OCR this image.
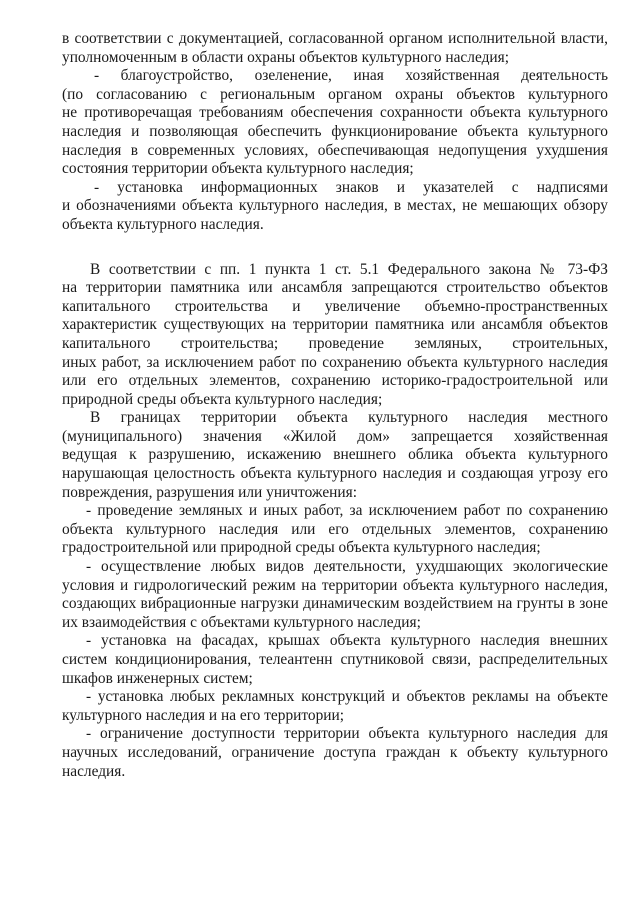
в соответствии с документацией, согласованной органом исполнительной власти,
уполномоченным в области охраны объектов культурного наследия;
- благоустройство, озеленение, иная хозяйственная деятельность
(по согласованию с региональным органом охраны объектов культурного
не противоречащая требованиям обеспечения сохранности объекта культурного
наследия и позволяющая обеспечить функционирование объекта культурного
наследия в современных условиях, обеспечивающая недопущения ухудшения
состояния территории объекта культурного наследия;
- установка информационных знаков и указателей с надписями
и обозначениями объекта культурного наследия, в местах, не мешающих обзору
объекта культурного наследия.
В соответствии с пп. 1 пункта 1 ст. 5.1 Федерального закона № 73-ФЗ
на территории памятника или ансамбля запрещаются строительство объектов
капитального строительства и увеличение объемно-пространственных
характеристик существующих на территории памятника или ансамбля объектов
капитального строительства; проведение земляных, строительных,
иных работ, за исключением работ по сохранению объекта культурного наследия
или его отдельных элементов, сохранению историко-градостроительной или
природной среды объекта культурного наследия;
В границах территории объекта культурного наследия местного
(муниципального) значения «Жилой дом» запрещается хозяйственная
ведущая к разрушению, искажению внешнего облика объекта культурного
нарушающая целостность объекта культурного наследия и создающая угрозу его
повреждения, разрушения или уничтожения:
- проведение земляных и иных работ, за исключением работ по сохранению
объекта культурного наследия или его отдельных элементов, сохранению
градостроительной или природной среды объекта культурного наследия;
- осуществление любых видов деятельности, ухудшающих экологические
условия и гидрологический режим на территории объекта культурного наследия,
создающих вибрационные нагрузки динамическим воздействием на грунты в зоне
их взаимодействия с объектами культурного наследия;
- установка на фасадах, крышах объекта культурного наследия внешних
систем кондиционирования, телеантенн спутниковой связи, распределительных
шкафов инженерных систем;
- установка любых рекламных конструкций и объектов рекламы на объекте
культурного наследия и на его территории;
- ограничение доступности территории объекта культурного наследия для
научных исследований, ограничение доступа граждан к объекту культурного
наследия.
